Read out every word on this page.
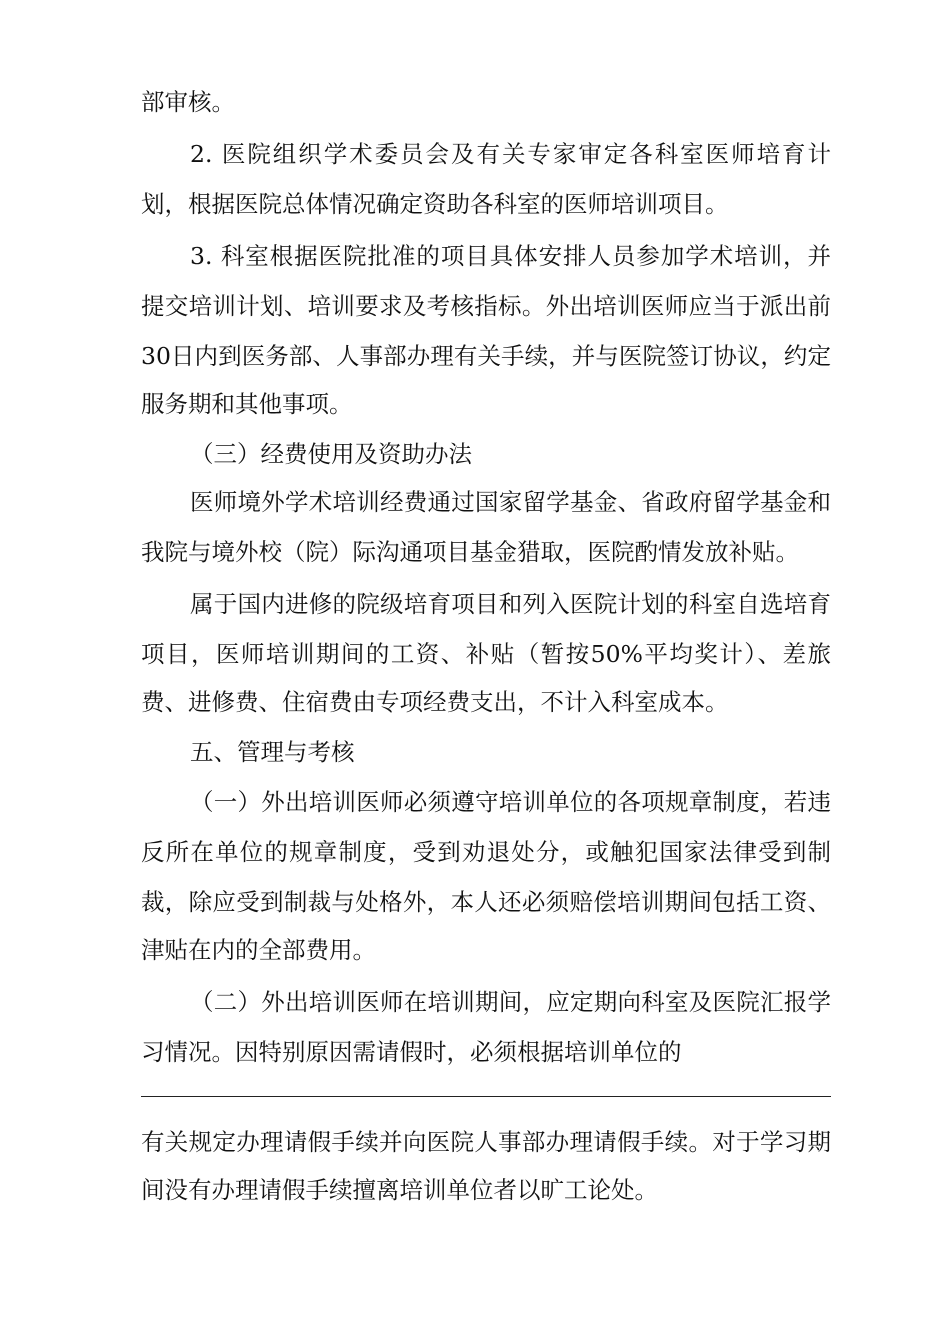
部审核。
2. 医院组织学术委员会及有关专家审定各科室医师培育计
划，根据医院总体情况确定资助各科室的医师培训项目。
3. 科室根据医院批准的项目具体安排人员参加学术培训，并
提交培训计划、培训要求及考核指标。外出培训医师应当于派出前
30日内到医务部、人事部办理有关手续，并与医院签订协议，约定
服务期和其他事项。
（三）经费使用及资助办法
医师境外学术培训经费通过国家留学基金、省政府留学基金和
我院与境外校（院）际沟通项目基金猎取，医院酌情发放补贴。
属于国内进修的院级培育项目和列入医院计划的科室自选培育
项目，医师培训期间的工资、补贴（暂按50%平均奖计）、差旅
费、进修费、住宿费由专项经费支出，不计入科室成本。
五、管理与考核
（一）外出培训医师必须遵守培训单位的各项规章制度，若违
反所在单位的规章制度，受到劝退处分，或触犯国家法律受到制
裁，除应受到制裁与处格外，本人还必须赔偿培训期间包括工资、
津贴在内的全部费用。
（二）外出培训医师在培训期间，应定期向科室及医院汇报学
习情况。因特别原因需请假时，必须根据培训单位的
有关规定办理请假手续并向医院人事部办理请假手续。对于学习期
间没有办理请假手续擅离培训单位者以旷工论处。
